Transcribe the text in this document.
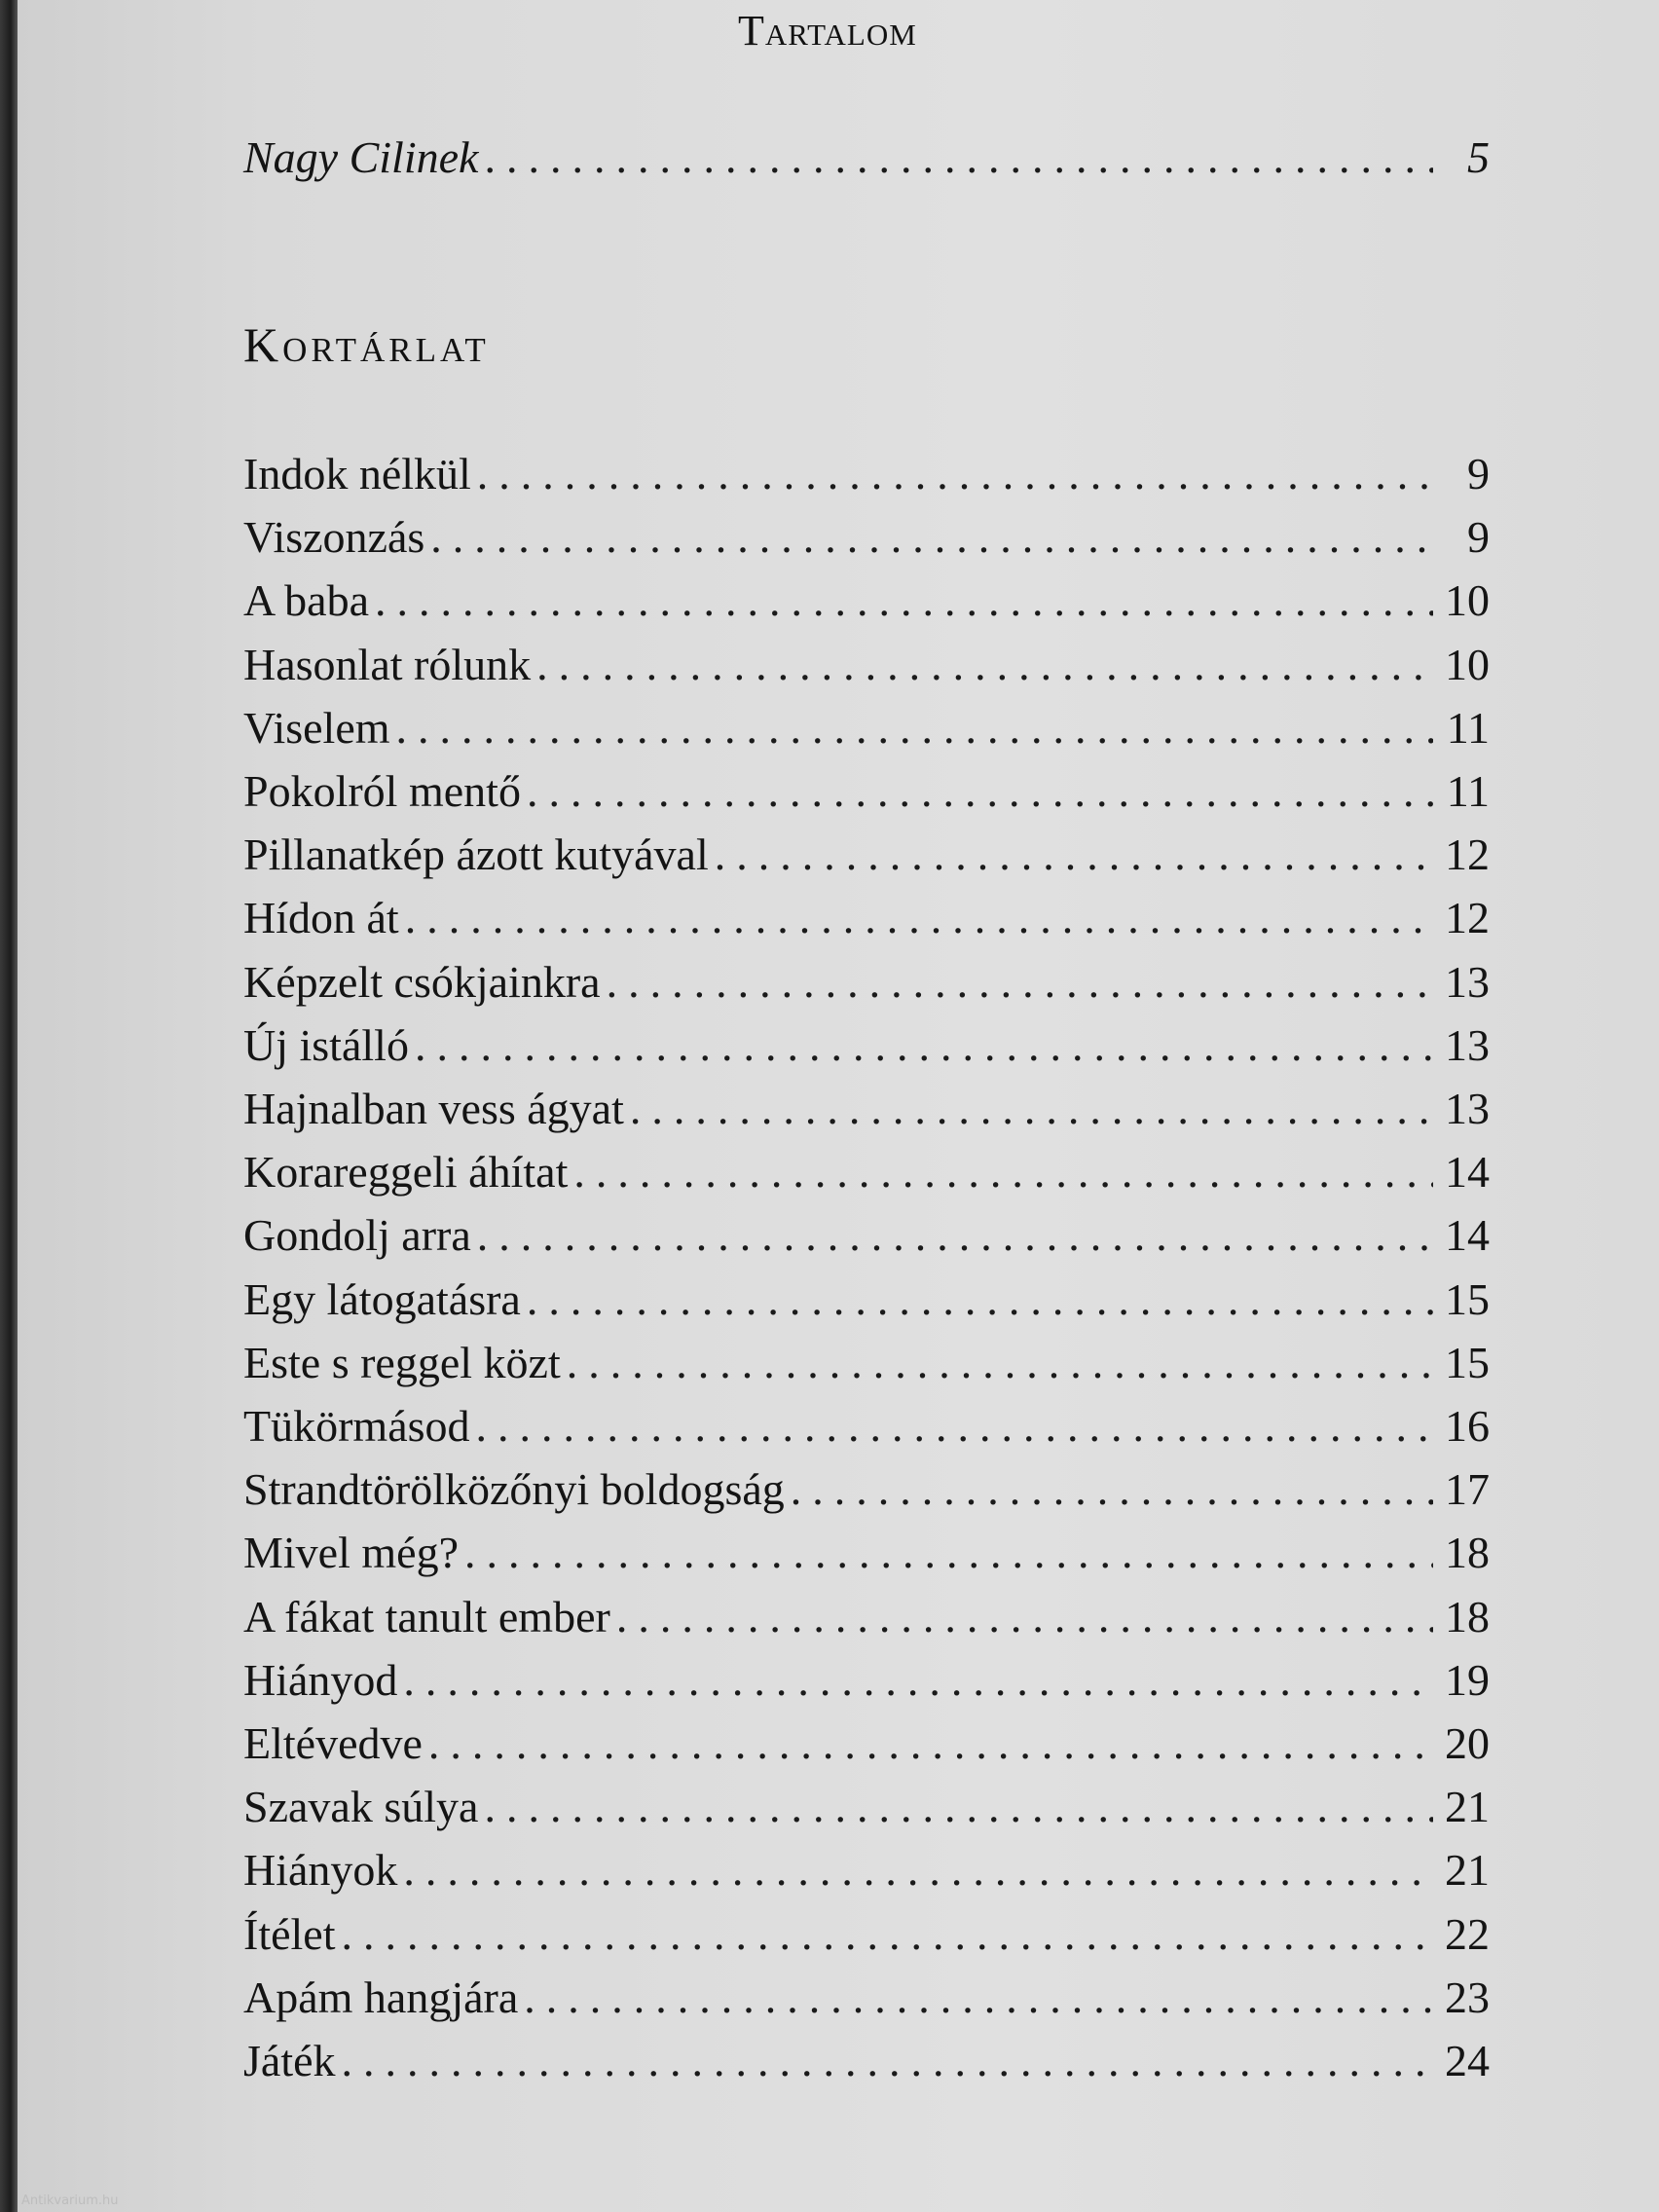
Tartalom
Nagy Cilinek .....	5
Kortárlat
Indok nélkül .....	9
Viszonzás .....	9
A baba .....	10
Hasonlat rólunk .....	10
Viselem .....	11
Pokolról mentő .....	11
Pillanatkép ázott kutyával .....	12
Hídon át .....	12
Képzelt csókjainkra .....	13
Új istálló .....	13
Hajnalban vess ágyat .....	13
Korareggeli áhítat .....	14
Gondolj arra .....	14
Egy látogatásra .....	15
Este s reggel közt .....	15
Tükörmásod .....	16
Strandtörölközőnyi boldogság .....	17
Mivel még? .....	18
A fákat tanult ember .....	18
Hiányod .....	19
Eltévedve .....	20
Szavak súlya .....	21
Hiányok .....	21
Ítélet .....	22
Apám hangjára .....	23
Játék .....	24
Antikvarium.hu
